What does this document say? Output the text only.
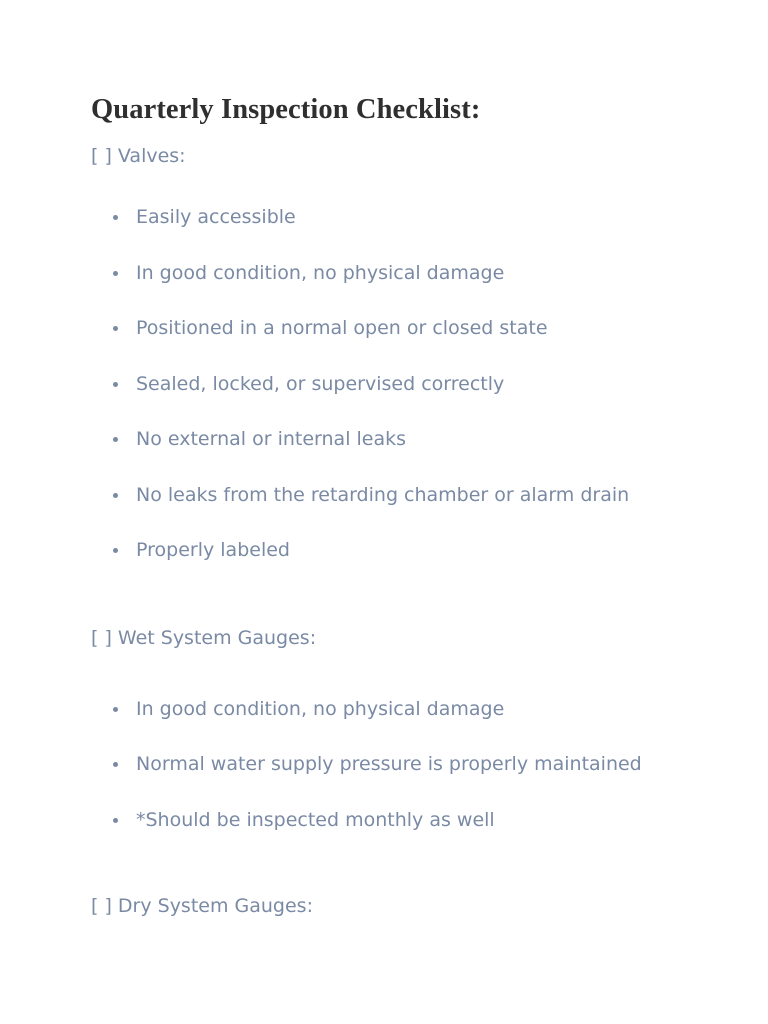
Quarterly Inspection Checklist:

[ ] Valves:

Easily accessible
In good condition, no physical damage
Positioned in a normal open or closed state
Sealed, locked, or supervised correctly
No external or internal leaks
No leaks from the retarding chamber or alarm drain
Properly labeled

[ ] Wet System Gauges:

In good condition, no physical damage
Normal water supply pressure is properly maintained
*Should be inspected monthly as well

[ ] Dry System Gauges:
